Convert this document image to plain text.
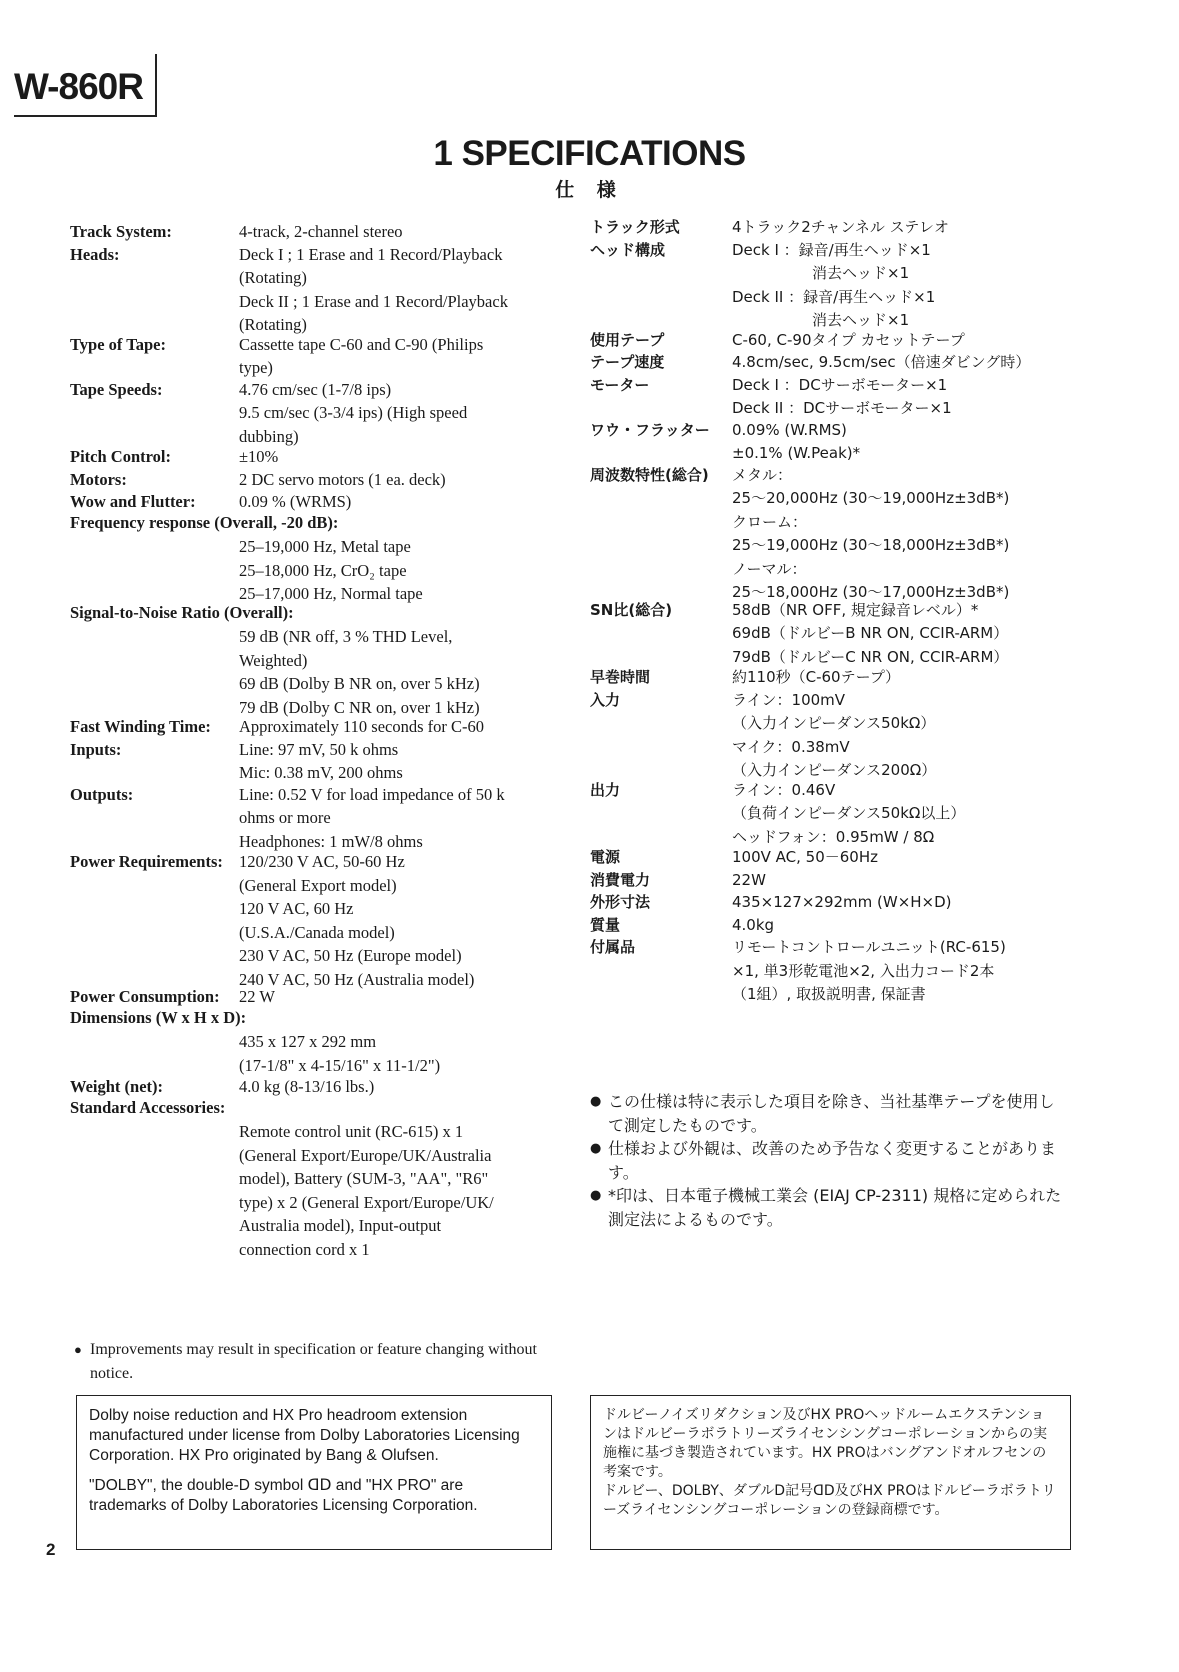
W-860R
1 SPECIFICATIONS
仕 様
Track System:	4-track, 2-channel stereo
Heads:	Deck I ; 1 Erase and 1 Record/Playback
(Rotating)
Deck II ; 1 Erase and 1 Record/Playback
(Rotating)
Type of Tape:	Cassette tape C-60 and C-90 (Philips
type)
Tape Speeds:	4.76 cm/sec (1-7/8 ips)
9.5 cm/sec (3-3/4 ips) (High speed
dubbing)
Pitch Control:	±10%
Motors:	2 DC servo motors (1 ea. deck)
Wow and Flutter:	0.09 % (WRMS)
Frequency response (Overall, -20 dB):
25–19,000 Hz, Metal tape
25–18,000 Hz, CrO₂ tape
25–17,000 Hz, Normal tape
Signal-to-Noise Ratio (Overall):
59 dB (NR off, 3 % THD Level,
Weighted)
69 dB (Dolby B NR on, over 5 kHz)
79 dB (Dolby C NR on, over 1 kHz)
Fast Winding Time: Approximately 110 seconds for C-60
Inputs:	Line: 97 mV, 50 k ohms
Mic: 0.38 mV, 200 ohms
Outputs:	Line: 0.52 V for load impedance of 50 k
ohms or more
Headphones: 1 mW/8 ohms
Power Requirements: 120/230 V AC, 50-60 Hz
(General Export model)
120 V AC, 60 Hz
(U.S.A./Canada model)
230 V AC, 50 Hz (Europe model)
240 V AC, 50 Hz (Australia model)
Power Consumption: 22 W
Dimensions (W x H x D):
435 x 127 x 292 mm
(17-1/8" x 4-15/16" x 11-1/2")
Weight (net):	4.0 kg (8-13/16 lbs.)
Standard Accessories:
Remote control unit (RC-615) x 1
(General Export/Europe/UK/Australia
model), Battery (SUM-3, "AA", "R6"
type) x 2 (General Export/Europe/UK/
Australia model), Input-output
connection cord x 1
トラック形式	4トラック2チャンネル ステレオ
ヘッド構成	Deck I ：録音/再生ヘッド×1
消去ヘッド×1
Deck II ：録音/再生ヘッド×1
消去ヘッド×1
使用テープ	C-60, C-90タイプ カセットテープ
テープ速度	4.8cm/sec, 9.5cm/sec（倍速ダビング時）
モーター	Deck I ：DCサーボモーター×1
Deck II ：DCサーボモーター×1
ワウ・フラッター 0.09% (W.RMS)
±0.1% (W.Peak)*
周波数特性(総合) メタル：
25～20,000Hz (30～19,000Hz±3dB*)
クローム：
25～19,000Hz (30～18,000Hz±3dB*)
ノーマル：
25～18,000Hz (30～17,000Hz±3dB*)
SN比(総合)	58dB（NR OFF, 規定録音レベル）*
69dB（ドルビーB NR ON, CCIR-ARM）
79dB（ドルビーC NR ON, CCIR-ARM）
早巻時間	約110秒（C-60テープ）
入力	ライン：100mV
（入力インピーダンス50kΩ）
マイク：0.38mV
（入力インピーダンス200Ω）
出力	ライン：0.46V
（負荷インピーダンス50kΩ以上）
ヘッドフォン：0.95mW / 8Ω
電源	100V AC, 50－60Hz
消費電力	22W
外形寸法	435×127×292mm (W×H×D)
質量	4.0kg
付属品	リモートコントロールユニット(RC-615)
×1, 単3形乾電池×2, 入出力コード2本
（1組）, 取扱説明書, 保証書
● この仕様は特に表示した項目を除き、当社基準テープを使用して測定したものです。
● 仕様および外観は、改善のため予告なく変更することがあります。
● *印は、日本電子機械工業会 (EIAJ CP-2311) 規格に定められた測定法によるものです。
● Improvements may result in specification or feature changing without notice.

Dolby noise reduction and HX Pro headroom extension manufactured under license from Dolby Laboratories Licensing Corporation. HX Pro originated by Bang & Olufsen.

"DOLBY", the double-D symbol ᗡᗞ and "HX PRO" are trademarks of Dolby Laboratories Licensing Corporation.

ドルビーノイズリダクション及びHX PROヘッドルームエクステンションはドルビーラボラトリーズライセンシングコーポレーションからの実施権に基づき製造されています。HX PROはバングアンドオルフセンの考案です。

ドルビー、DOLBY、ダブルD記号ᗡᗞ及びHX PROはドルビーラボラトリーズライセンシングコーポレーションの登録商標です。

2
